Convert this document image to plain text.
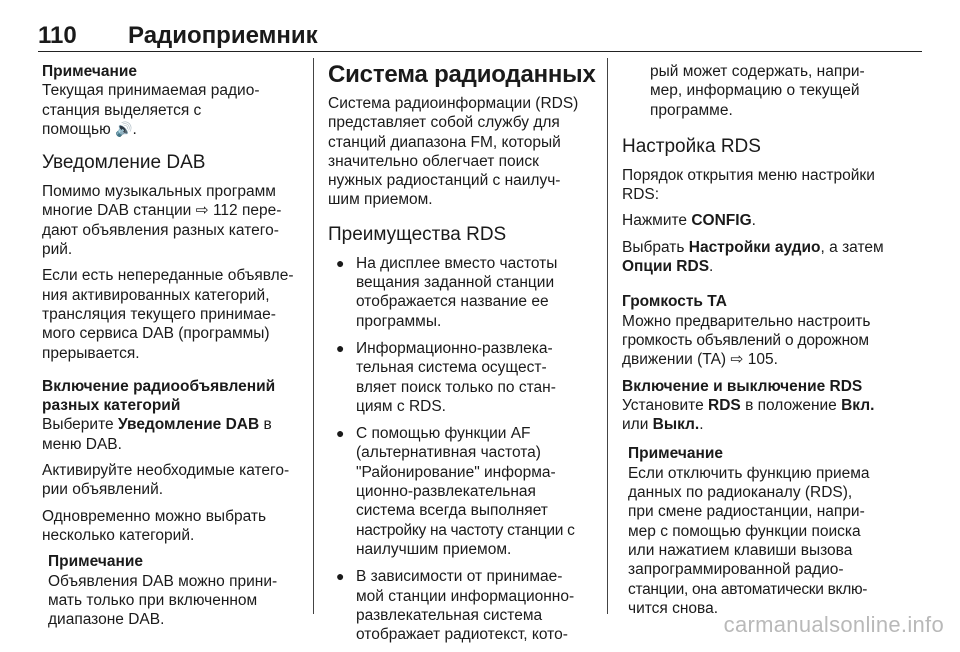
110 Радиоприемник
Примечание
Текущая принимаемая радио-
станция выделяется с
помощью 🔊.
Уведомление DAB

Помимо музыкальных программ
многие DAB станции ⇨ 112 пере-
дают объявления разных катего-
рий.

Если есть непереданные объявле-
ния активированных категорий,
трансляция текущего принимае-
мого сервиса DAB (программы)
прерывается.

Включение радиообъявлений
разных категорий

Выберите Уведомление DAB в
меню DAB.

Активируйте необходимые катего-
рии объявлений.

Одновременно можно выбрать
несколько категорий.

Примечание
Объявления DAB можно прини-
мать только при включенном
диапазоне DAB.
Система радиоданных

Система радиоинформации (RDS)
представляет собой службу для
станций диапазона FM, который
значительно облегчает поиск
нужных радиостанций с наилуч-
шим приемом.

Преимущества RDS
● На дисплее вместо частоты
вещания заданной станции
отображается название ее
программы.
● Информационно-развлека-
тельная система осущест-
вляет поиск только по стан-
циям с RDS.
● С помощью функции AF
(альтернативная частота)
"Районирование" информа-
ционно-развлекательная
система всегда выполняет
настройку на частоту станции с
наилучшим приемом.
● В зависимости от принимае-
мой станции информационно-
развлекательная система
отображает радиотекст, кото-

рый может содержать, напри-
мер, информацию о текущей
программе.

Настройка RDS

Порядок открытия меню настройки
RDS:

Нажмите CONFIG.

Выбрать Настройки аудио, а затем
Опции RDS.

Громкость ТА

Можно предварительно настроить
громкость объявлений о дорожном
движении (TA) ⇨ 105.

Включение и выключение RDS

Установите RDS в положение Вкл.
или Выкл..

Примечание
Если отключить функцию приема
данных по радиоканалу (RDS),
при смене радиостанции, напри-
мер с помощью функции поиска
или нажатием клавиши вызова
запрограммированной радио-
станции, она автоматически вклю-
чится снова.
carmanualsonline.info
